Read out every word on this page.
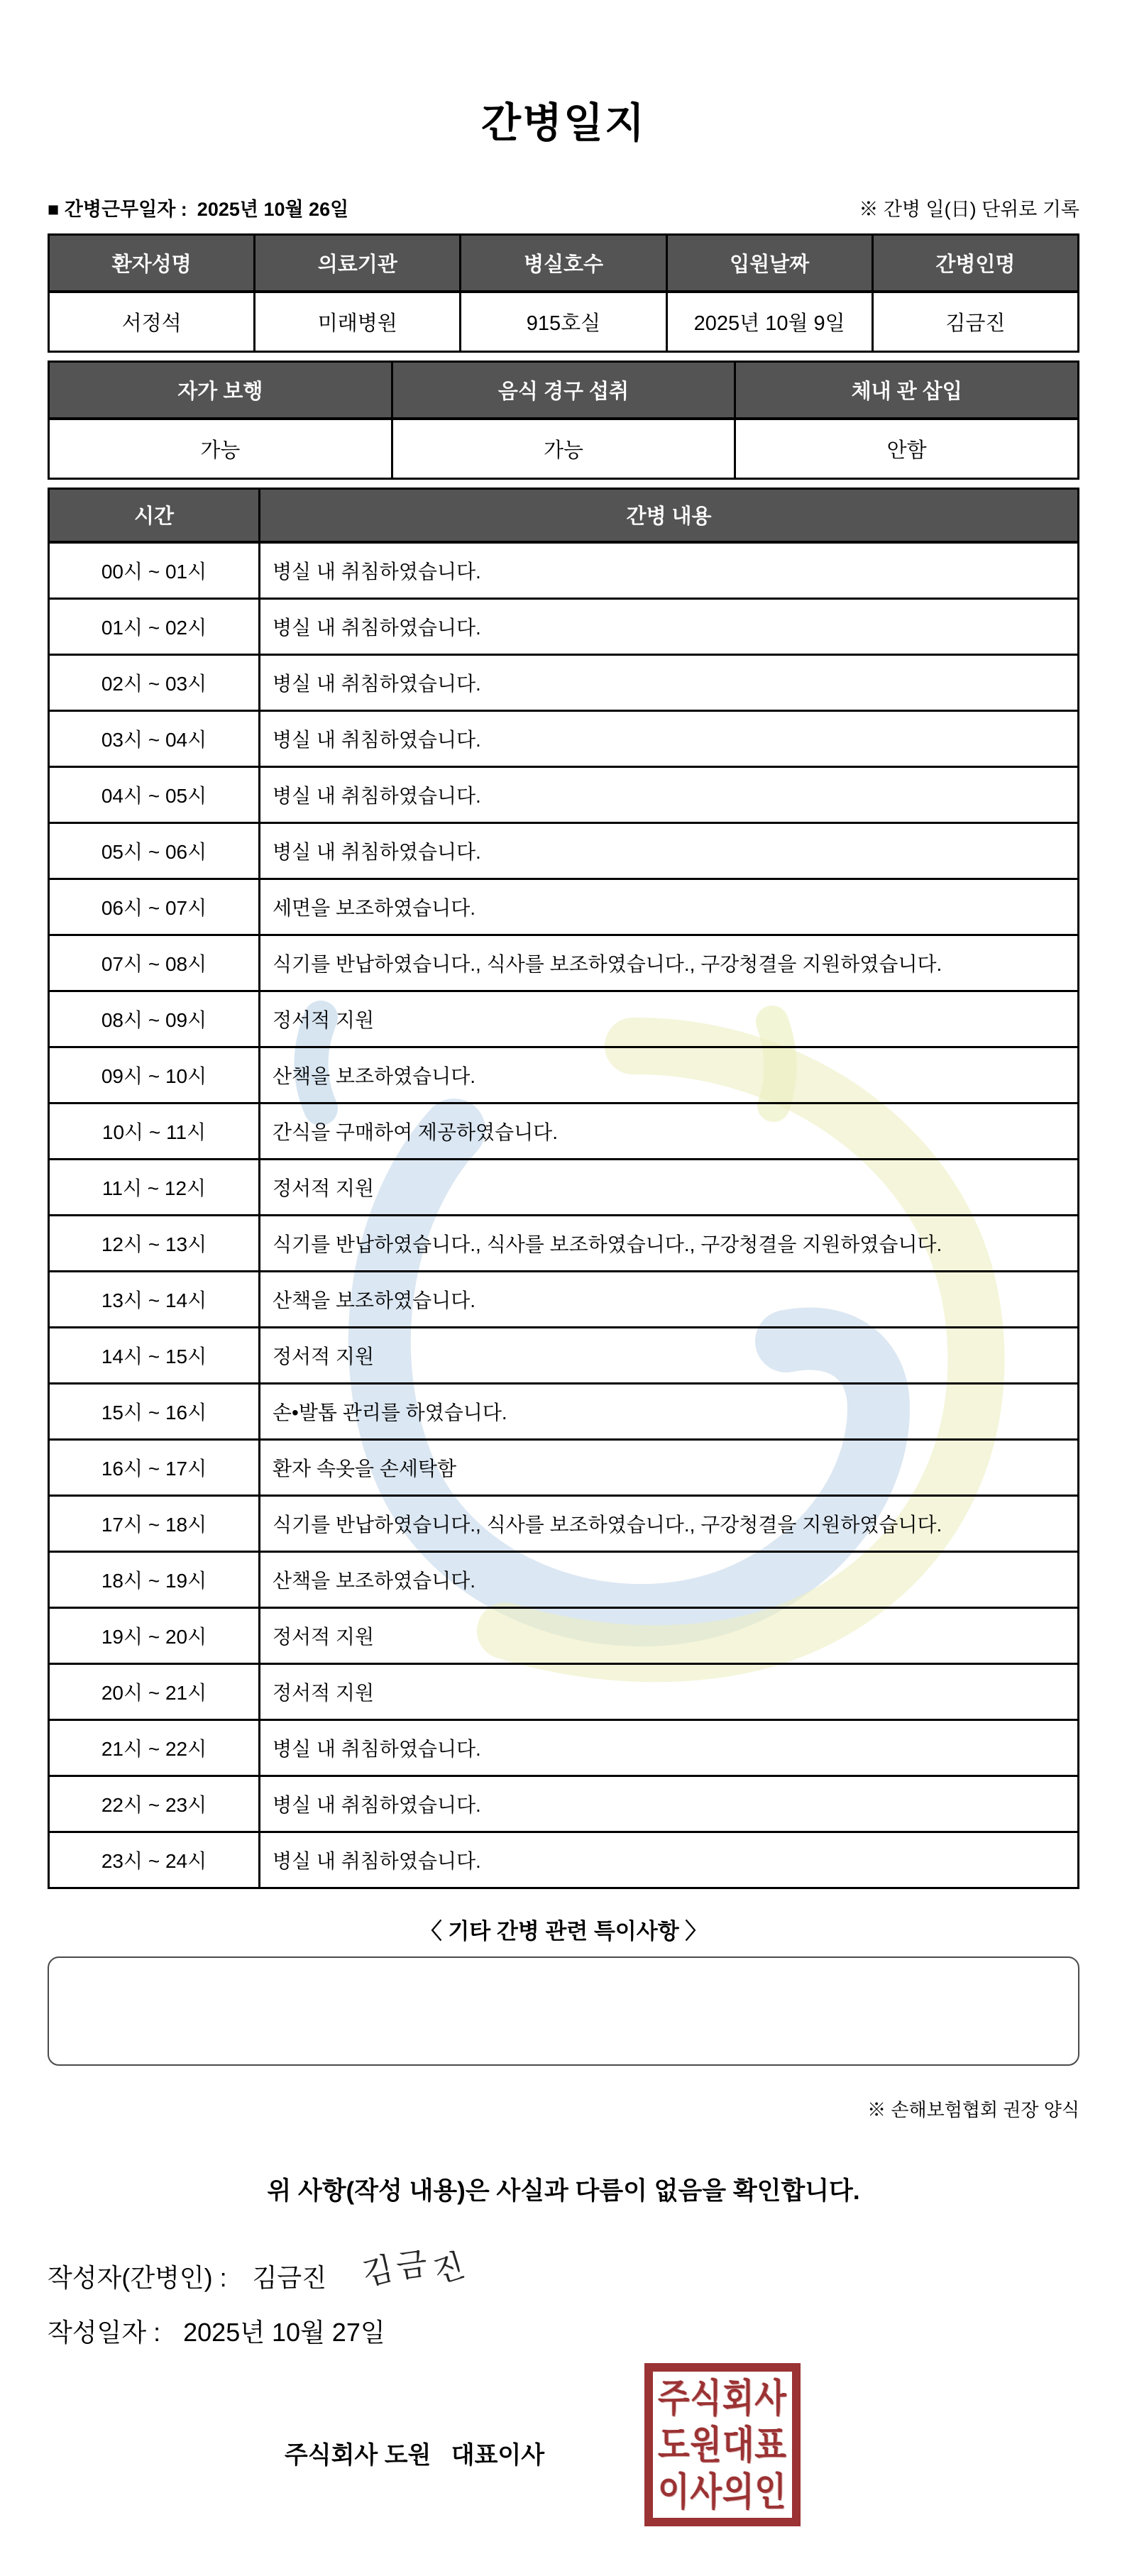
간병일지
■ 간병근무일자 : 2025년 10월 26일	※ 간병 일(日) 단위로 기록
환자성명	의료기관	병실호수	입원날짜	간병인명
서정석	미래병원	915호실	2025년 10월 9일	김금진
자가 보행	음식 경구 섭취	체내 관 삽입
가능	가능	안함
시간	간병 내용
00시 ~ 01시	병실 내 취침하였습니다.
01시 ~ 02시	병실 내 취침하였습니다.
02시 ~ 03시	병실 내 취침하였습니다.
03시 ~ 04시	병실 내 취침하였습니다.
04시 ~ 05시	병실 내 취침하였습니다.
05시 ~ 06시	병실 내 취침하였습니다.
06시 ~ 07시	세면을 보조하였습니다.
07시 ~ 08시	식기를 반납하였습니다., 식사를 보조하였습니다., 구강청결을 지원하였습니다.
08시 ~ 09시	정서적 지원
09시 ~ 10시	산책을 보조하였습니다.
10시 ~ 11시	간식을 구매하여 제공하였습니다.
11시 ~ 12시	정서적 지원
12시 ~ 13시	식기를 반납하였습니다., 식사를 보조하였습니다., 구강청결을 지원하였습니다.
13시 ~ 14시	산책을 보조하였습니다.
14시 ~ 15시	정서적 지원
15시 ~ 16시	손•발톱 관리를 하였습니다.
16시 ~ 17시	환자 속옷을 손세탁함
17시 ~ 18시	식기를 반납하였습니다., 식사를 보조하였습니다., 구강청결을 지원하였습니다.
18시 ~ 19시	산책을 보조하였습니다.
19시 ~ 20시	정서적 지원
20시 ~ 21시	정서적 지원
21시 ~ 22시	병실 내 취침하였습니다.
22시 ~ 23시	병실 내 취침하였습니다.
23시 ~ 24시	병실 내 취침하였습니다.
〈 기타 간병 관련 특이사항 〉
※ 손해보험협회 권장 양식
위 사항(작성 내용)은 사실과 다름이 없음을 확인합니다.
작성자(간병인) : 김금진 김금진
작성일자 : 2025년 10월 27일
주식회사 도원   대표이사
주식회사
도원대표
이사의인
